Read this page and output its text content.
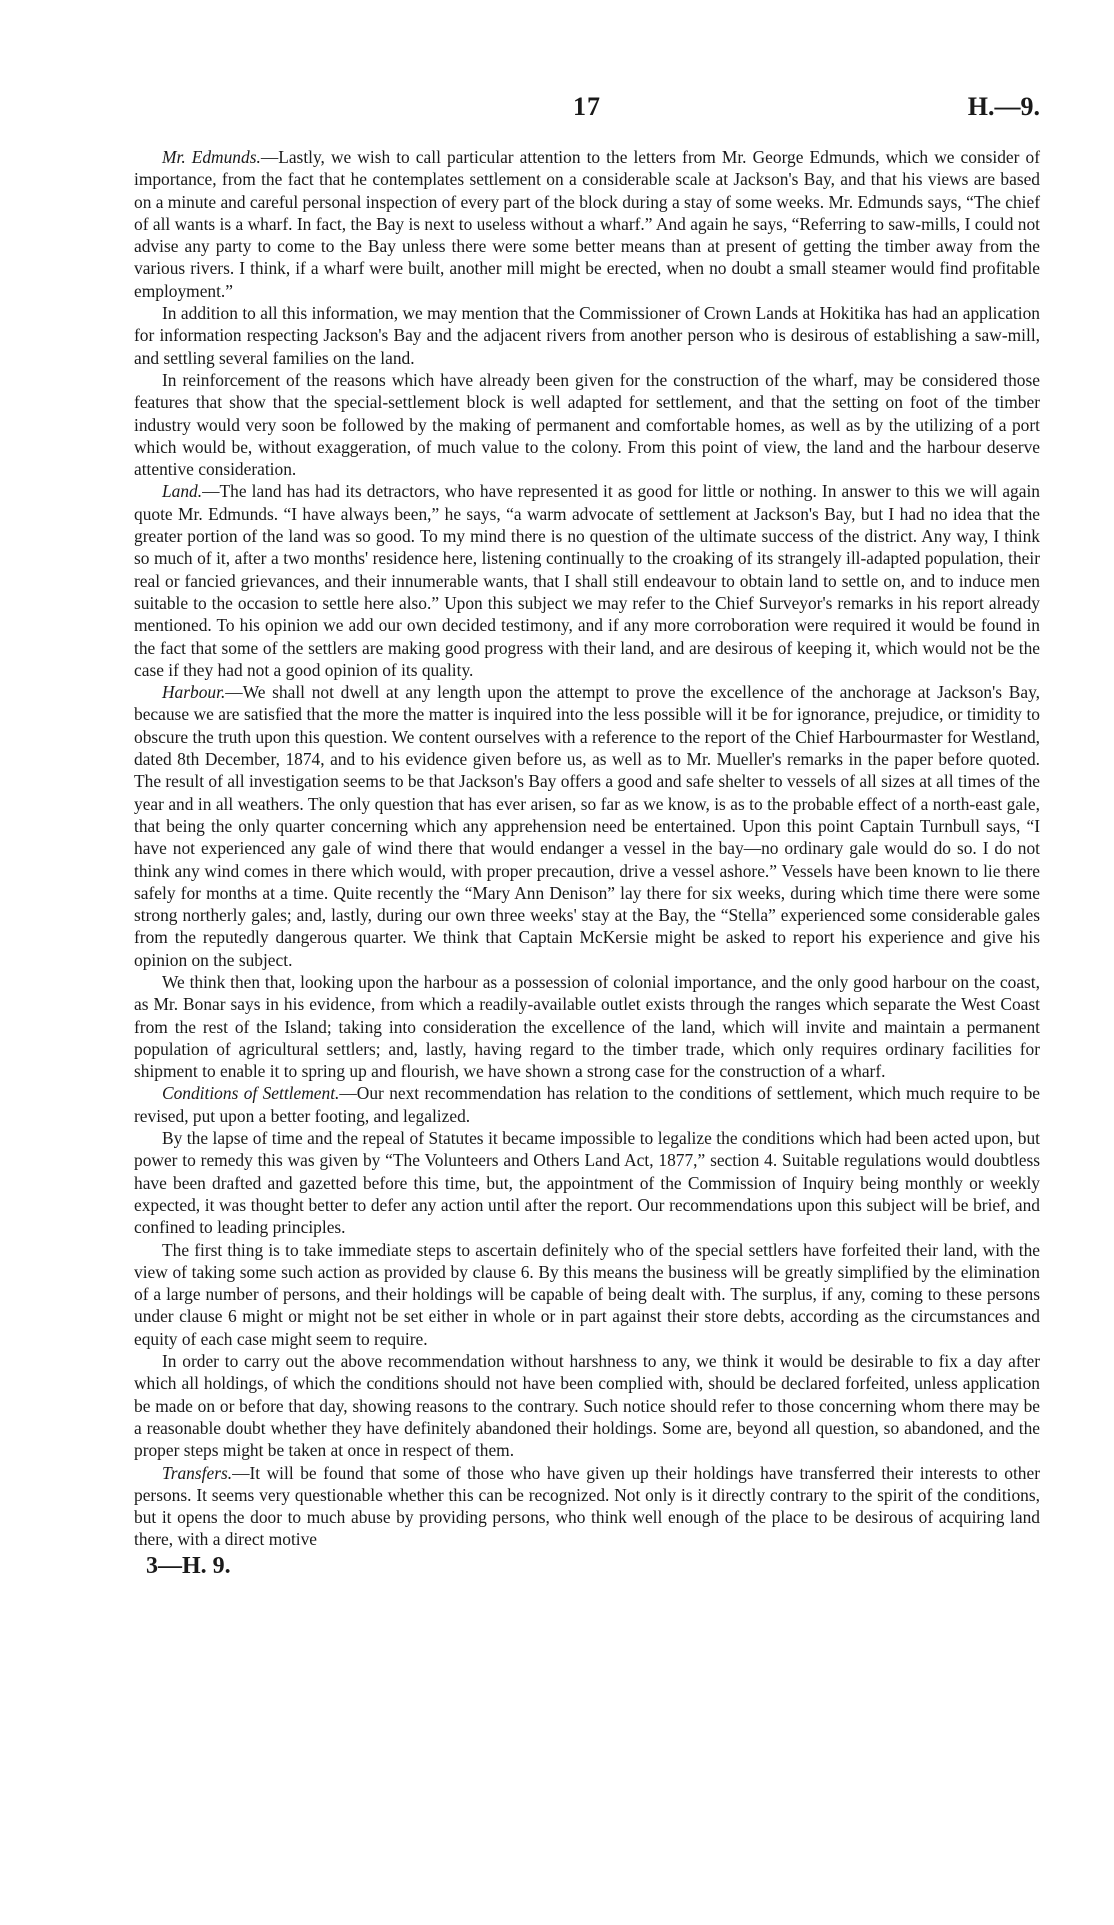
17	H.—9.

Mr. Edmunds.—Lastly, we wish to call particular attention to the letters from Mr. George Edmunds, which we consider of importance, from the fact that he contemplates settlement on a considerable scale at Jackson's Bay, and that his views are based on a minute and careful personal inspection of every part of the block during a stay of some weeks. Mr. Edmunds says, “The chief of all wants is a wharf. In fact, the Bay is next to useless without a wharf.” And again he says, “Referring to saw-mills, I could not advise any party to come to the Bay unless there were some better means than at present of getting the timber away from the various rivers. I think, if a wharf were built, another mill might be erected, when no doubt a small steamer would find profitable employment.”

In addition to all this information, we may mention that the Commissioner of Crown Lands at Hokitika has had an application for information respecting Jackson's Bay and the adjacent rivers from another person who is desirous of establishing a saw-mill, and settling several families on the land.

In reinforcement of the reasons which have already been given for the construction of the wharf, may be considered those features that show that the special-settlement block is well adapted for settlement, and that the setting on foot of the timber industry would very soon be followed by the making of permanent and comfortable homes, as well as by the utilizing of a port which would be, without exaggeration, of much value to the colony. From this point of view, the land and the harbour deserve attentive consideration.

Land.—The land has had its detractors, who have represented it as good for little or nothing. In answer to this we will again quote Mr. Edmunds. “I have always been,” he says, “a warm advocate of settlement at Jackson's Bay, but I had no idea that the greater portion of the land was so good. To my mind there is no question of the ultimate success of the district. Any way, I think so much of it, after a two months' residence here, listening continually to the croaking of its strangely ill-adapted population, their real or fancied grievances, and their innumerable wants, that I shall still endeavour to obtain land to settle on, and to induce men suitable to the occasion to settle here also.” Upon this subject we may refer to the Chief Surveyor's remarks in his report already mentioned. To his opinion we add our own decided testimony, and if any more corroboration were required it would be found in the fact that some of the settlers are making good progress with their land, and are desirous of keeping it, which would not be the case if they had not a good opinion of its quality.

Harbour.—We shall not dwell at any length upon the attempt to prove the excellence of the anchorage at Jackson's Bay, because we are satisfied that the more the matter is inquired into the less possible will it be for ignorance, prejudice, or timidity to obscure the truth upon this question. We content ourselves with a reference to the report of the Chief Harbourmaster for Westland, dated 8th December, 1874, and to his evidence given before us, as well as to Mr. Mueller's remarks in the paper before quoted. The result of all investigation seems to be that Jackson's Bay offers a good and safe shelter to vessels of all sizes at all times of the year and in all weathers. The only question that has ever arisen, so far as we know, is as to the probable effect of a north-east gale, that being the only quarter concerning which any apprehension need be entertained. Upon this point Captain Turnbull says, “I have not experienced any gale of wind there that would endanger a vessel in the bay—no ordinary gale would do so. I do not think any wind comes in there which would, with proper precaution, drive a vessel ashore.” Vessels have been known to lie there safely for months at a time. Quite recently the “Mary Ann Denison” lay there for six weeks, during which time there were some strong northerly gales; and, lastly, during our own three weeks' stay at the Bay, the “Stella” experienced some considerable gales from the reputedly dangerous quarter. We think that Captain McKersie might be asked to report his experience and give his opinion on the subject.

We think then that, looking upon the harbour as a possession of colonial importance, and the only good harbour on the coast, as Mr. Bonar says in his evidence, from which a readily-available outlet exists through the ranges which separate the West Coast from the rest of the Island; taking into consideration the excellence of the land, which will invite and maintain a permanent population of agricultural settlers; and, lastly, having regard to the timber trade, which only requires ordinary facilities for shipment to enable it to spring up and flourish, we have shown a strong case for the construction of a wharf.

Conditions of Settlement.—Our next recommendation has relation to the conditions of settlement, which much require to be revised, put upon a better footing, and legalized.

By the lapse of time and the repeal of Statutes it became impossible to legalize the conditions which had been acted upon, but power to remedy this was given by “The Volunteers and Others Land Act, 1877,” section 4. Suitable regulations would doubtless have been drafted and gazetted before this time, but, the appointment of the Commission of Inquiry being monthly or weekly expected, it was thought better to defer any action until after the report. Our recommendations upon this subject will be brief, and confined to leading principles.

The first thing is to take immediate steps to ascertain definitely who of the special settlers have forfeited their land, with the view of taking some such action as provided by clause 6. By this means the business will be greatly simplified by the elimination of a large number of persons, and their holdings will be capable of being dealt with. The surplus, if any, coming to these persons under clause 6 might or might not be set either in whole or in part against their store debts, according as the circumstances and equity of each case might seem to require.

In order to carry out the above recommendation without harshness to any, we think it would be desirable to fix a day after which all holdings, of which the conditions should not have been complied with, should be declared forfeited, unless application be made on or before that day, showing reasons to the contrary. Such notice should refer to those concerning whom there may be a reasonable doubt whether they have definitely abandoned their holdings. Some are, beyond all question, so abandoned, and the proper steps might be taken at once in respect of them.

Transfers.—It will be found that some of those who have given up their holdings have transferred their interests to other persons. It seems very questionable whether this can be recognized. Not only is it directly contrary to the spirit of the conditions, but it opens the door to much abuse by providing persons, who think well enough of the place to be desirous of acquiring land there, with a direct motive

3—H. 9.
